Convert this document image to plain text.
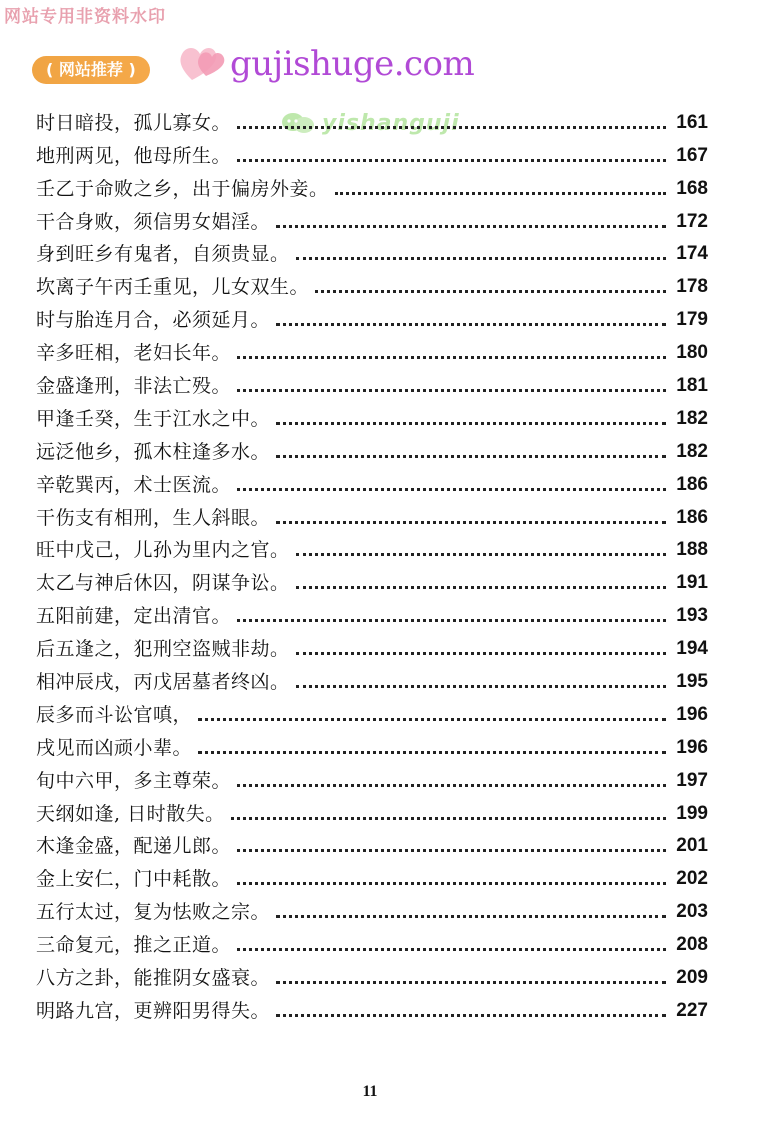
网站专用非资料水印
( 网站推荐 )	gujishuge.com
yishanguji
时日暗投，孤儿寡女。	161
地刑两见，他母所生。	167
壬乙于命败之乡，出于偏房外妾。	168
干合身败，须信男女娼淫。	172
身到旺乡有鬼者，自须贵显。	174
坎离子午丙壬重见，儿女双生。	178
时与胎连月合，必须延月。	179
辛多旺相，老妇长年。	180
金盛逢刑，非法亡殁。	181
甲逢壬癸，生于江水之中。	182
远泛他乡，孤木柱逢多水。	182
辛乾巽丙，术士医流。	186
干伤支有相刑，生人斜眼。	186
旺中戊己，儿孙为里内之官。	188
太乙与神后休囚，阴谋争讼。	191
五阳前建，定出清官。	193
后五逢之，犯刑空盗贼非劫。	194
相冲辰戌，丙戊居墓者终凶。	195
辰多而斗讼官嗔，	196
戌见而凶顽小辈。	196
旬中六甲，多主尊荣。	197
天纲如逢, 日时散失。	199
木逢金盛，配递儿郎。	201
金上安仁，门中耗散。	202
五行太过，复为怯败之宗。	203
三命复元，推之正道。	208
八方之卦，能推阴女盛衰。	209
明路九宫，更辨阳男得失。	227
11
